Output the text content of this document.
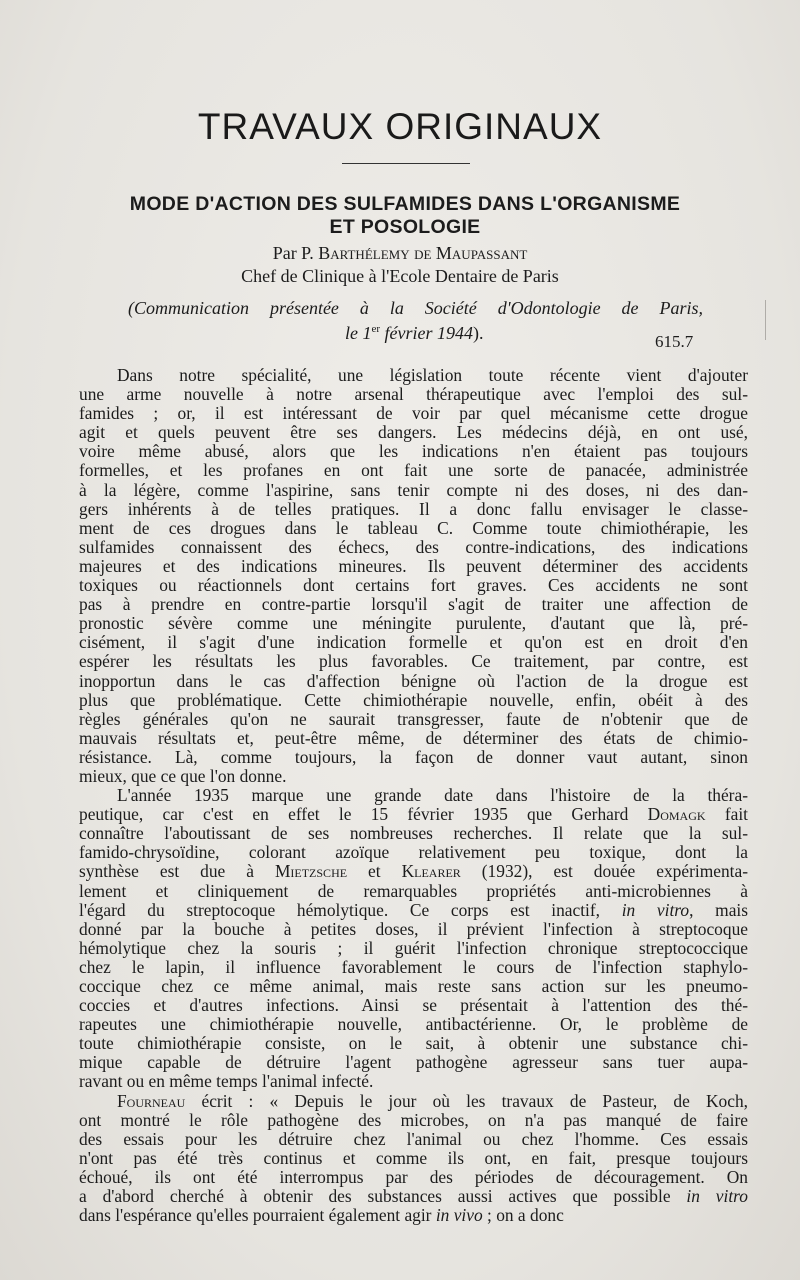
TRAVAUX ORIGINAUX
MODE D'ACTION DES SULFAMIDES DANS L'ORGANISME
ET POSOLOGIE
Par P. Barthélemy de Maupassant
Chef de Clinique à l'Ecole Dentaire de Paris
(Communication présentée à la Société d'Odontologie de Paris,
le 1er février 1944).	615.7
Dans notre spécialité, une législation toute récente vient d'ajouter
une arme nouvelle à notre arsenal thérapeutique avec l'emploi des sul-
famides ; or, il est intéressant de voir par quel mécanisme cette drogue
agit et quels peuvent être ses dangers. Les médecins déjà, en ont usé,
voire même abusé, alors que les indications n'en étaient pas toujours
formelles, et les profanes en ont fait une sorte de panacée, administrée
à la légère, comme l'aspirine, sans tenir compte ni des doses, ni des dan-
gers inhérents à de telles pratiques. Il a donc fallu envisager le classe-
ment de ces drogues dans le tableau C. Comme toute chimiothérapie, les
sulfamides connaissent des échecs, des contre-indications, des indications
majeures et des indications mineures. Ils peuvent déterminer des accidents
toxiques ou réactionnels dont certains fort graves. Ces accidents ne sont
pas à prendre en contre-partie lorsqu'il s'agit de traiter une affection de
pronostic sévère comme une méningite purulente, d'autant que là, pré-
cisément, il s'agit d'une indication formelle et qu'on est en droit d'en
espérer les résultats les plus favorables. Ce traitement, par contre, est
inopportun dans le cas d'affection bénigne où l'action de la drogue est
plus que problématique. Cette chimiothérapie nouvelle, enfin, obéit à des
règles générales qu'on ne saurait transgresser, faute de n'obtenir que de
mauvais résultats et, peut-être même, de déterminer des états de chimio-
résistance. Là, comme toujours, la façon de donner vaut autant, sinon
mieux, que ce que l'on donne.
L'année 1935 marque une grande date dans l'histoire de la théra-
peutique, car c'est en effet le 15 février 1935 que Gerhard Domagk fait
connaître l'aboutissant de ses nombreuses recherches. Il relate que la sul-
famido-chrysoïdine, colorant azoïque relativement peu toxique, dont la
synthèse est due à Mietzsche et Klearer (1932), est douée expérimenta-
lement et cliniquement de remarquables propriétés anti-microbiennes à
l'égard du streptocoque hémolytique. Ce corps est inactif, in vitro, mais
donné par la bouche à petites doses, il prévient l'infection à streptocoque
hémolytique chez la souris ; il guérit l'infection chronique streptococcique
chez le lapin, il influence favorablement le cours de l'infection staphylo-
coccique chez ce même animal, mais reste sans action sur les pneumo-
coccies et d'autres infections. Ainsi se présentait à l'attention des thé-
rapeutes une chimiothérapie nouvelle, antibactérienne. Or, le problème de
toute chimiothérapie consiste, on le sait, à obtenir une substance chi-
mique capable de détruire l'agent pathogène agresseur sans tuer aupa-
ravant ou en même temps l'animal infecté.
Fourneau écrit : « Depuis le jour où les travaux de Pasteur, de Koch,
ont montré le rôle pathogène des microbes, on n'a pas manqué de faire
des essais pour les détruire chez l'animal ou chez l'homme. Ces essais
n'ont pas été très continus et comme ils ont, en fait, presque toujours
échoué, ils ont été interrompus par des périodes de découragement. On
a d'abord cherché à obtenir des substances aussi actives que possible in vitro
dans l'espérance qu'elles pourraient également agir in vivo ; on a donc
